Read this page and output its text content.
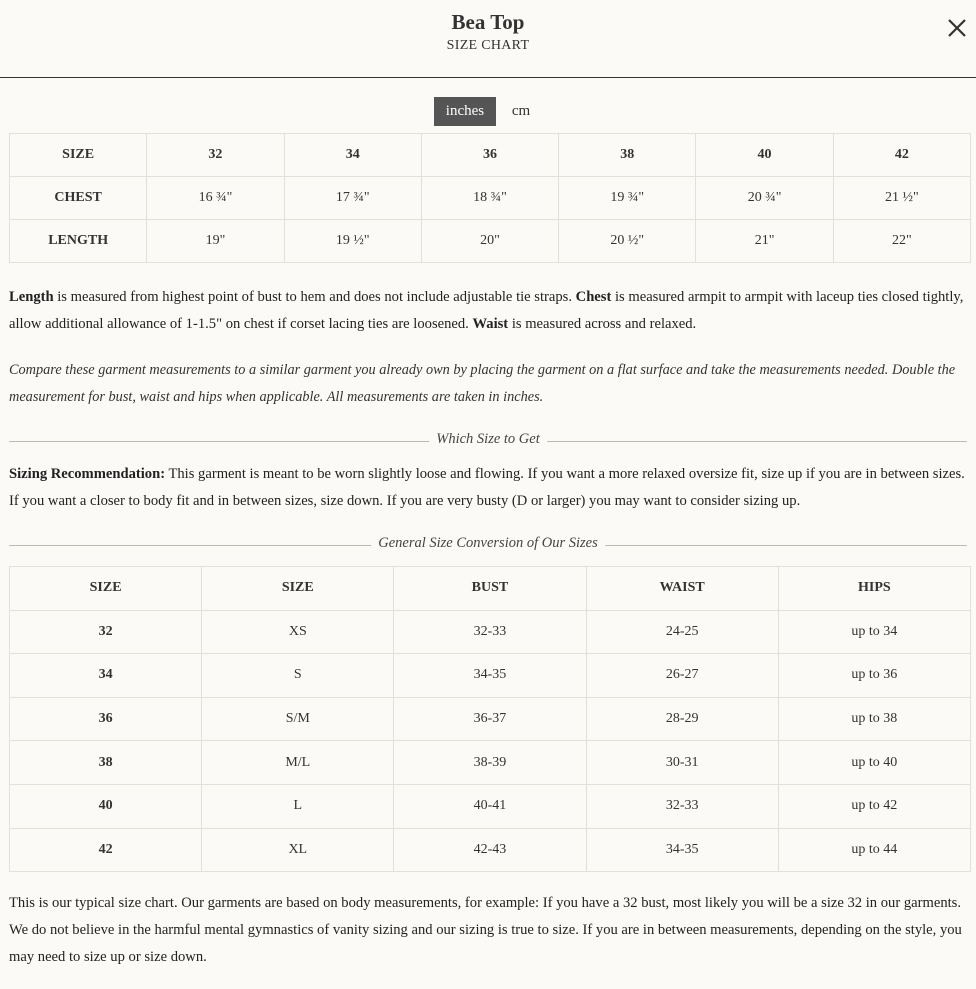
Bea Top
SIZE CHART
inches cm
SIZE	32	34	36	38	40	42
CHEST	16 ¾"	17 ¾"	18 ¾"	19 ¾"	20 ¾"	21 ½"
LENGTH	19"	19 ½"	20"	20 ½"	21"	22"

Length is measured from highest point of bust to hem and does not include adjustable tie straps. Chest is measured armpit to armpit with laceup ties closed tightly, allow additional allowance of 1-1.5" on chest if corset lacing ties are loosened. Waist is measured across and relaxed.

Compare these garment measurements to a similar garment you already own by placing the garment on a flat surface and take the measurements needed. Double the measurement for bust, waist and hips when applicable. All measurements are taken in inches.

Which Size to Get

Sizing Recommendation: This garment is meant to be worn slightly loose and flowing. If you want a more relaxed oversize fit, size up if you are in between sizes. If you want a closer to body fit and in between sizes, size down. If you are very busty (D or larger) you may want to consider sizing up.

General Size Conversion of Our Sizes
SIZE	SIZE	BUST	WAIST	HIPS
32	XS	32-33	24-25	up to 34
34	S	34-35	26-27	up to 36
36	S/M	36-37	28-29	up to 38
38	M/L	38-39	30-31	up to 40
40	L	40-41	32-33	up to 42
42	XL	42-43	34-35	up to 44

This is our typical size chart. Our garments are based on body measurements, for example: If you have a 32 bust, most likely you will be a size 32 in our garments. We do not believe in the harmful mental gymnastics of vanity sizing and our sizing is true to size. If you are in between measurements, depending on the style, you may need to size up or size down.
